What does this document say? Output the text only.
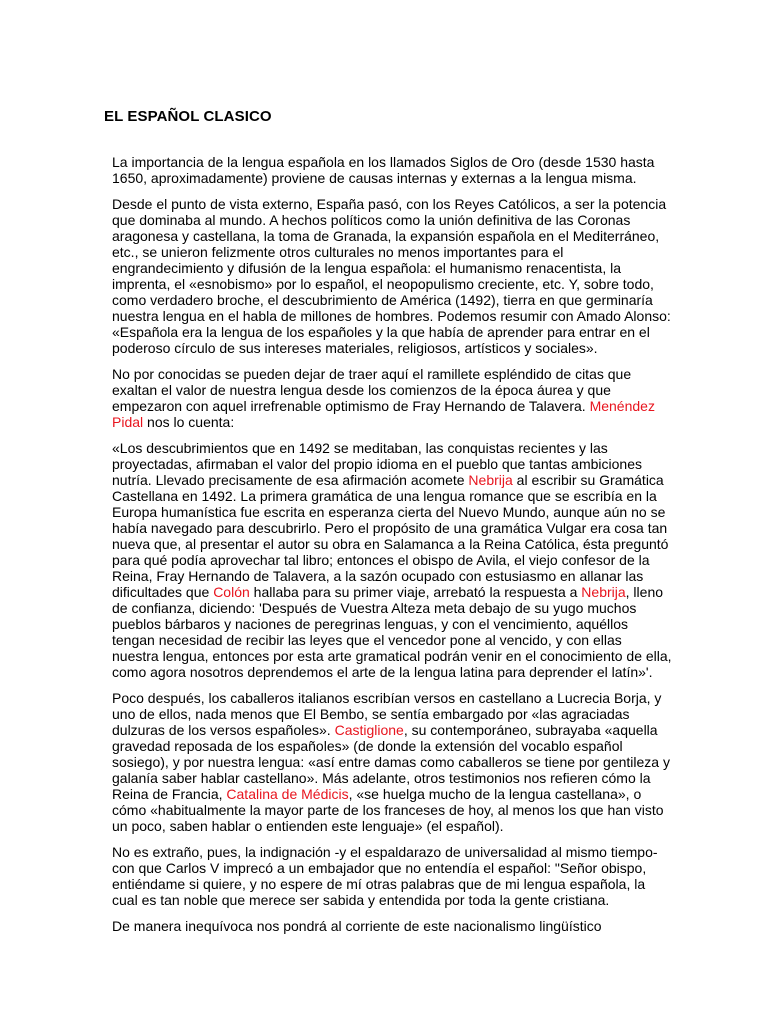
EL ESPAÑOL CLASICO

La importancia de la lengua española en los llamados Siglos de Oro (desde 1530 hasta 1650, aproximadamente) proviene de causas internas y externas a la lengua misma.

Desde el punto de vista externo, España pasó, con los Reyes Católicos, a ser la potencia que dominaba al mundo. A hechos políticos como la unión definitiva de las Coronas aragonesa y castellana, la toma de Granada, la expansión española en el Mediterráneo, etc., se unieron felizmente otros culturales no menos importantes para el engrandecimiento y difusión de la lengua española: el humanismo renacentista, la imprenta, el «esnobismo» por lo español, el neopopulismo creciente, etc. Y, sobre todo, como verdadero broche, el descubrimiento de América (1492), tierra en que germinaría nuestra lengua en el habla de millones de hombres. Podemos resumir con Amado Alonso: «Española era la lengua de los españoles y la que había de aprender para entrar en el poderoso círculo de sus intereses materiales, religiosos, artísticos y sociales».

No por conocidas se pueden dejar de traer aquí el ramillete espléndido de citas que exaltan el valor de nuestra lengua desde los comienzos de la época áurea y que empezaron con aquel irrefrenable optimismo de Fray Hernando de Talavera. Menéndez Pidal nos lo cuenta:

«Los descubrimientos que en 1492 se meditaban, las conquistas recientes y las proyectadas, afirmaban el valor del propio idioma en el pueblo que tantas ambiciones nutría. Llevado precisamente de esa afirmación acomete Nebrija al escribir su Gramática Castellana en 1492. La primera gramática de una lengua romance que se escribía en la Europa humanística fue escrita en esperanza cierta del Nuevo Mundo, aunque aún no se había navegado para descubrirlo. Pero el propósito de una gramática Vulgar era cosa tan nueva que, al presentar el autor su obra en Salamanca a la Reina Católica, ésta preguntó para qué podía aprovechar tal libro; entonces el obispo de Avila, el viejo confesor de la Reina, Fray Hernando de Talavera, a la sazón ocupado con estusiasmo en allanar las dificultades que Colón hallaba para su primer viaje, arrebató la respuesta a Nebrija, lleno de confianza, diciendo: 'Después de Vuestra Alteza meta debajo de su yugo muchos pueblos bárbaros y naciones de peregrinas lenguas, y con el vencimiento, aquéllos tengan necesidad de recibir las leyes que el vencedor pone al vencido, y con ellas nuestra lengua, entonces por esta arte gramatical podrán venir en el conocimiento de ella, como agora nosotros deprendemos el arte de la lengua latina para deprender el latín»'.

Poco después, los caballeros italianos escribían versos en castellano a Lucrecia Borja, y uno de ellos, nada menos que El Bembo, se sentía embargado por «las agraciadas dulzuras de los versos españoles». Castiglione, su contemporáneo, subrayaba «aquella gravedad reposada de los españoles» (de donde la extensión del vocablo español sosiego), y por nuestra lengua: «así entre damas como caballeros se tiene por gentileza y galanía saber hablar castellano». Más adelante, otros testimonios nos refieren cómo la Reina de Francia, Catalina de Médicis, «se huelga mucho de la lengua castellana», o cómo «habitualmente la mayor parte de los franceses de hoy, al menos los que han visto un poco, saben hablar o entienden este lenguaje» (el español).

No es extraño, pues, la indignación -y el espaldarazo de universalidad al mismo tiempo- con que Carlos V imprecó a un embajador que no entendía el español: "Señor obispo, entiéndame si quiere, y no espere de mí otras palabras que de mi lengua española, la cual es tan noble que merece ser sabida y entendida por toda la gente cristiana.

De manera inequívoca nos pondrá al corriente de este nacionalismo lingüístico
